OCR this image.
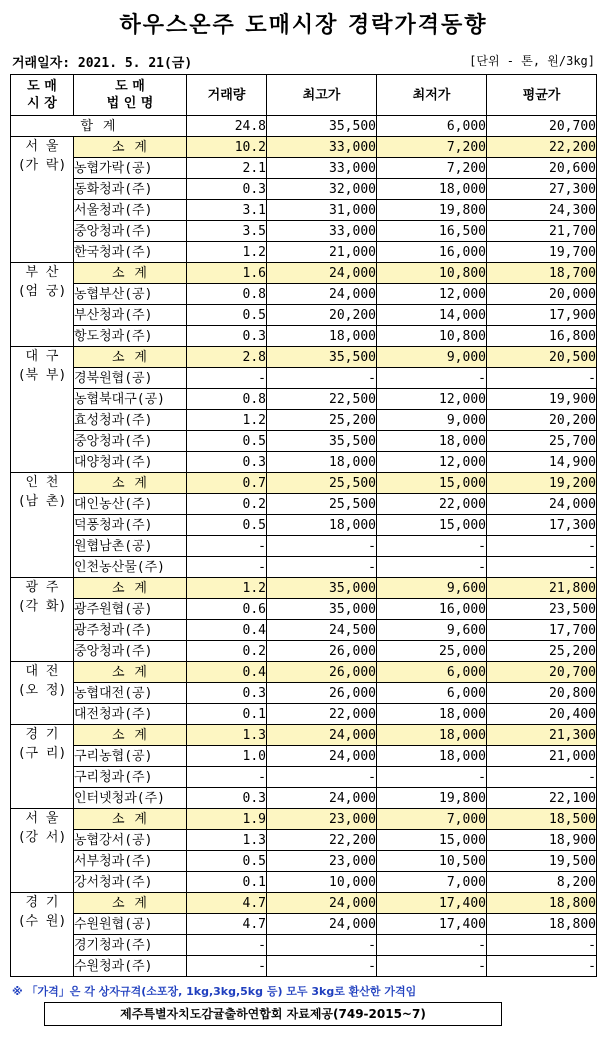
하우스온주 도매시장 경락가격동향
거래일자: 2021. 5. 21(금)	[단위 - 톤, 원/3kg]
도 매
시 장	도 매
법 인 명	거래량	최고가	최저가	평균가
합 계		24.8	35,500	6,000	20,700

서 울
(가 락)	소 계	10.2	33,000	7,200	22,200
	농협가락(공)	2.1	33,000	7,200	20,600
	동화청과(주)	0.3	32,000	18,000	27,300
	서울청과(주)	3.1	31,000	19,800	24,300
	중앙청과(주)	3.5	33,000	16,500	21,700
	한국청과(주)	1.2	21,000	16,000	19,700

부 산
(엄 궁)	소 계	1.6	24,000	10,800	18,700
	농협부산(공)	0.8	24,000	12,000	20,000
	부산청과(주)	0.5	20,200	14,000	17,900
	항도청과(주)	0.3	18,000	10,800	16,800

대 구
(북 부)	소 계	2.8	35,500	9,000	20,500
	경북원협(공)	-	-	-	-
	농협북대구(공)	0.8	22,500	12,000	19,900
	효성청과(주)	1.2	25,200	9,000	20,200
	중앙청과(주)	0.5	35,500	18,000	25,700
	대양청과(주)	0.3	18,000	12,000	14,900

인 천
(남 촌)	소 계	0.7	25,500	15,000	19,200
	대인농산(주)	0.2	25,500	22,000	24,000
	덕풍청과(주)	0.5	18,000	15,000	17,300
	원협남촌(공)	-	-	-	-
	인천농산물(주)	-	-	-	-

광 주
(각 화)	소 계	1.2	35,000	9,600	21,800
	광주원협(공)	0.6	35,000	16,000	23,500
	광주청과(주)	0.4	24,500	9,600	17,700
	중앙청과(주)	0.2	26,000	25,000	25,200

대 전
(오 정)	소 계	0.4	26,000	6,000	20,700
	농협대전(공)	0.3	26,000	6,000	20,800
	대전청과(주)	0.1	22,000	18,000	20,400

경 기
(구 리)	소 계	1.3	24,000	18,000	21,300
	구리농협(공)	1.0	24,000	18,000	21,000
	구리청과(주)	-	-	-	-
	인터넷청과(주)	0.3	24,000	19,800	22,100

서 울
(강 서)	소 계	1.9	23,000	7,000	18,500
	농협강서(공)	1.3	22,200	15,000	18,900
	서부청과(주)	0.5	23,000	10,500	19,500
	강서청과(주)	0.1	10,000	7,000	8,200

경 기
(수 원)	소 계	4.7	24,000	17,400	18,800
	수원원협(공)	4.7	24,000	17,400	18,800
	경기청과(주)	-	-	-	-
	수원청과(주)	-	-	-	-
※ 「가격」은 각 상자규격(소포장, 1kg,3kg,5kg 등) 모두 3kg로 환산한 가격임
제주특별자치도감귤출하연합회 자료제공(749-2015~7)
